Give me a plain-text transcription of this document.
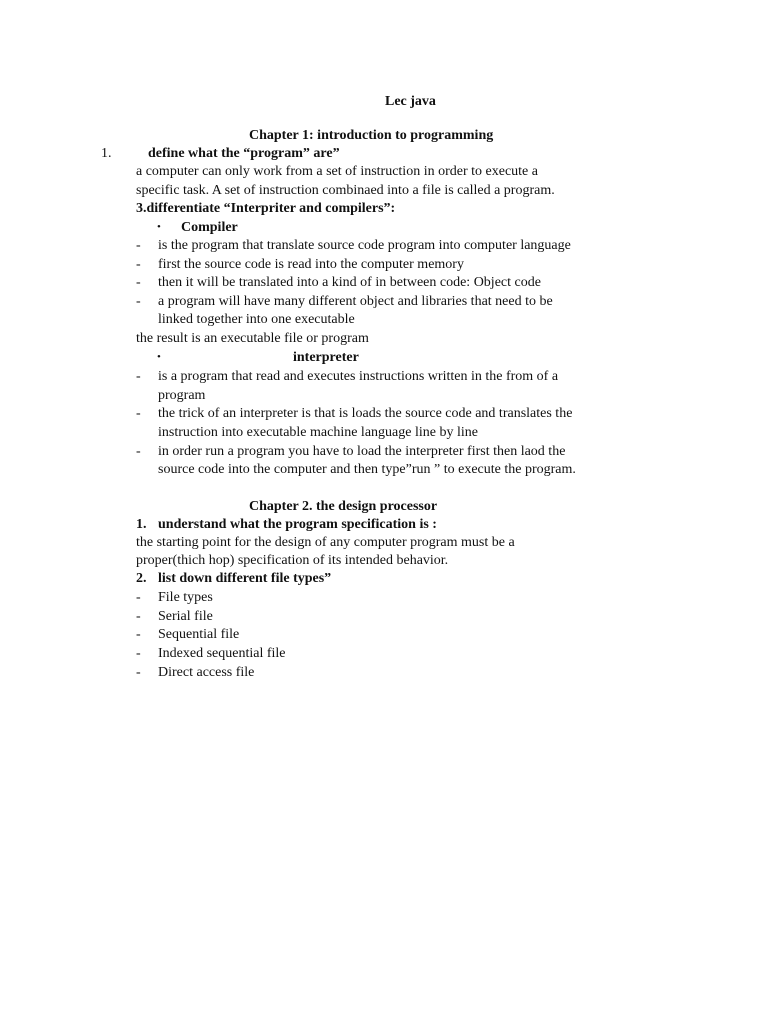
Lec java
Chapter 1: introduction to programming
1.	define what the “program” are”
a computer can only work from a set of instruction in order to execute a
specific task. A set of instruction combinaed into a file is called a program.
3.differentiate “Interpriter and compilers”:
• Compiler
- is the program that translate source code program into computer language
- first the source code is read into the computer memory
- then it will be translated into a kind of in between code: Object code
- a program will have many different object and libraries that need to be
linked together into one executable
the result is an executable file or program
•	interpreter
- is a program that read and executes instructions written in the from of a
program
- the trick of an interpreter is that is loads the source code and translates the
instruction into executable machine language line by line
- in order run a program you have to load the interpreter first then laod the
source code into the computer and then type”run ” to execute the program.
Chapter 2. the design processor
1. understand what the program specification is :
the starting point for the design of any computer program must be a
proper(thich hop) specification of its intended behavior.
2. list down different file types”
- File types
- Serial file
- Sequential file
- Indexed sequential file
- Direct access file
